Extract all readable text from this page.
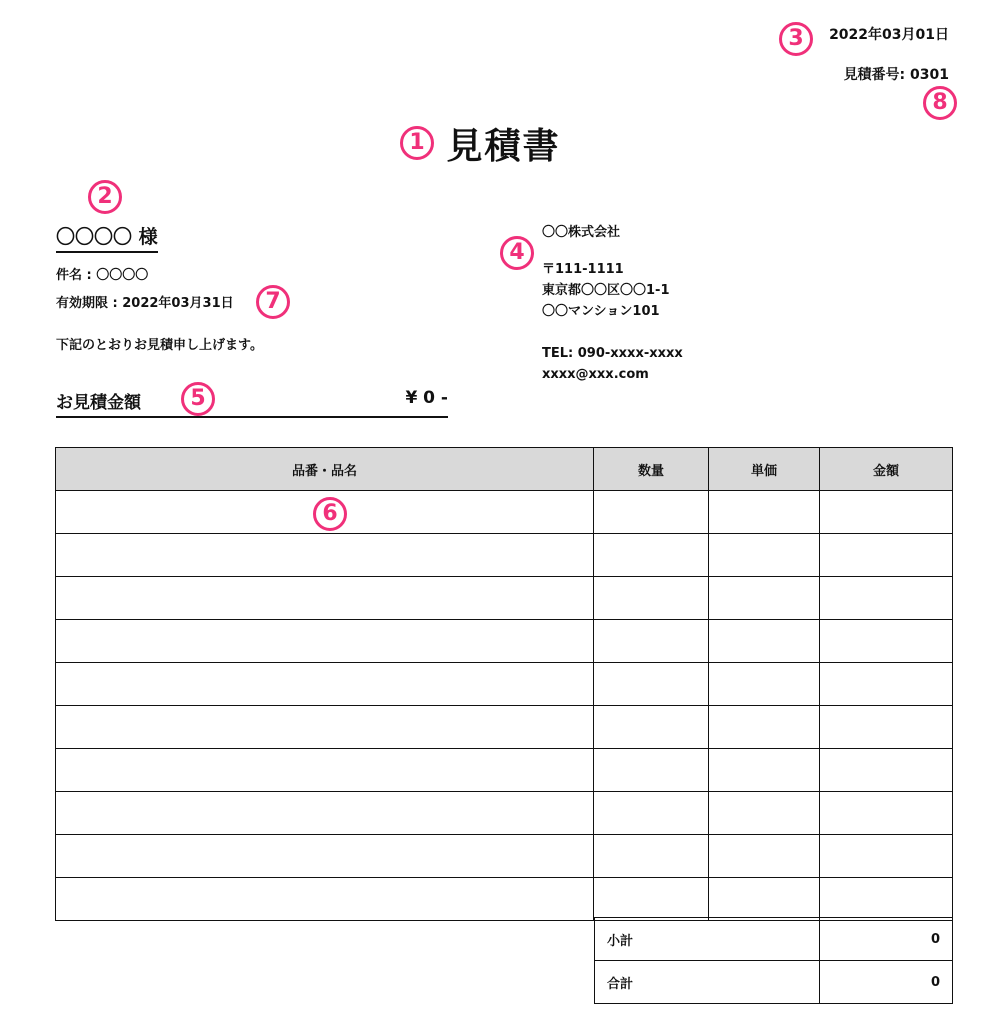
2022年03月01日
見積番号: 0301
見積書
〇〇〇〇 様
件名 : 〇〇〇〇
有効期限 : 2022年03月31日
下記のとおりお見積申し上げます。
お見積金額	¥ 0 -
〇〇株式会社
〒111-1111
東京都〇〇区〇〇1-1
〇〇マンション101
TEL: 090-xxxx-xxxx
xxxx@xxx.com
品番・品名	数量	単価	金額

小計	0
合計	0
1
2
3
4
5
6
7
8
